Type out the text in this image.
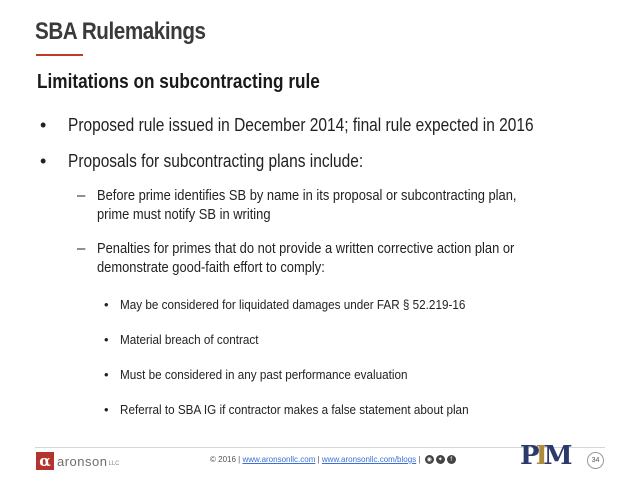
SBA Rulemakings
Limitations on subcontracting rule
• Proposed rule issued in December 2014; final rule expected in 2016
• Proposals for subcontracting plans include:
– Before prime identifies SB by name in its proposal or subcontracting plan,
prime must notify SB in writing
– Penalties for primes that do not provide a written corrective action plan or
demonstrate good-faith effort to comply:
• May be considered for liquidated damages under FAR § 52.219-16
• Material breach of contract
• Must be considered in any past performance evaluation
• Referral to SBA IG if contractor makes a false statement about plan
α aronson LLC	© 2016 | www.aronsonllc.com | www.aronsonllc.com/blogs |	◉ ✦	f	PIM	34
